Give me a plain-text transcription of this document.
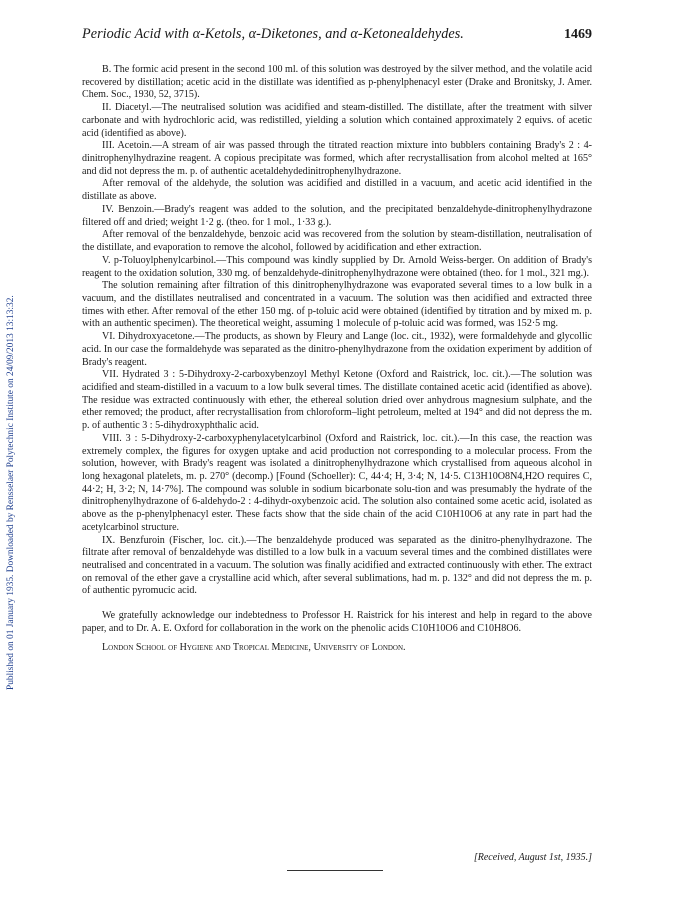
Published on 01 January 1935. Downloaded by Rensselaer Polytechnic Institute on 24/09/2013 13:13:32.
Periodic Acid with α-Ketols, α-Diketones, and α-Ketonealdehydes.	1469

B. The formic acid present in the second 100 ml. of this solution was destroyed by the silver method, and the volatile acid recovered by distillation; acetic acid in the distillate was identified as p-phenylphenacyl ester (Drake and Bronitsky, J. Amer. Chem. Soc., 1930, 52, 3715).

II. Diacetyl.—The neutralised solution was acidified and steam-distilled. The distillate, after the treatment with silver carbonate and with hydrochloric acid, was redistilled, yielding a solution which contained approximately 2 equivs. of acetic acid (identified as above).

III. Acetoin.—A stream of air was passed through the titrated reaction mixture into bubblers containing Brady's 2 : 4-dinitrophenylhydrazine reagent. A copious precipitate was formed, which after recrystallisation from alcohol melted at 165° and did not depress the m. p. of authentic acetaldehydedinitrophenylhydrazone.

After removal of the aldehyde, the solution was acidified and distilled in a vacuum, and acetic acid identified in the distillate as above.

IV. Benzoin.—Brady's reagent was added to the solution, and the precipitated benzaldehyde-dinitrophenylhydrazone filtered off and dried; weight 1·2 g. (theo. for 1 mol., 1·33 g.).

After removal of the benzaldehyde, benzoic acid was recovered from the solution by steam-distillation, neutralisation of the distillate, and evaporation to remove the alcohol, followed by acidification and ether extraction.

V. p-Toluoylphenylcarbinol.—This compound was kindly supplied by Dr. Arnold Weiss-berger. On addition of Brady's reagent to the oxidation solution, 330 mg. of benzaldehyde-dinitrophenylhydrazone were obtained (theo. for 1 mol., 321 mg.).

The solution remaining after filtration of this dinitrophenylhydrazone was evaporated several times to a low bulk in a vacuum, and the distillates neutralised and concentrated in a vacuum. The solution was then acidified and extracted three times with ether. After removal of the ether 150 mg. of p-toluic acid were obtained (identified by titration and by mixed m. p. with an authentic specimen). The theoretical weight, assuming 1 molecule of p-toluic acid was formed, was 152·5 mg.

VI. Dihydroxyacetone.—The products, as shown by Fleury and Lange (loc. cit., 1932), were formaldehyde and glycollic acid. In our case the formaldehyde was separated as the dinitro-phenylhydrazone from the oxidation experiment by addition of Brady's reagent.

VII. Hydrated 3 : 5-Dihydroxy-2-carboxybenzoyl Methyl Ketone (Oxford and Raistrick, loc. cit.).—The solution was acidified and steam-distilled in a vacuum to a low bulk several times. The distillate contained acetic acid (identified as above). The residue was extracted continuously with ether, the ethereal solution dried over anhydrous magnesium sulphate, and the ether removed; the product, after recrystallisation from chloroform–light petroleum, melted at 194° and did not depress the m. p. of authentic 3 : 5-dihydroxyphthalic acid.

VIII. 3 : 5-Dihydroxy-2-carboxyphenylacetylcarbinol (Oxford and Raistrick, loc. cit.).—In this case, the reaction was extremely complex, the figures for oxygen uptake and acid production not corresponding to a molecular process. From the solution, however, with Brady's reagent was isolated a dinitrophenylhydrazone which crystallised from aqueous alcohol in long hexagonal platelets, m. p. 270° (decomp.) [Found (Schoeller): C, 44·4; H, 3·4; N, 14·5. C13H10O8N4,H2O requires C, 44·2; H, 3·2; N, 14·7%]. The compound was soluble in sodium bicarbonate solu-tion and was presumably the hydrate of the dinitrophenylhydrazone of 6-aldehydo-2 : 4-dihydr-oxybenzoic acid. The solution also contained some acetic acid, isolated as above as the p-phenylphenacyl ester. These facts show that the side chain of the acid C10H10O6 at any rate in part had the acetylcarbinol structure.

IX. Benzfuroin (Fischer, loc. cit.).—The benzaldehyde produced was separated as the dinitro-phenylhydrazone. The filtrate after removal of benzaldehyde was distilled to a low bulk in a vacuum several times and the combined distillates were neutralised and concentrated in a vacuum. The solution was finally acidified and extracted continuously with ether. The extract on removal of the ether gave a crystalline acid which, after several sublimations, had m. p. 132° and did not depress the m. p. of authentic pyromucic acid.

We gratefully acknowledge our indebtedness to Professor H. Raistrick for his interest and help in regard to the above paper, and to Dr. A. E. Oxford for collaboration in the work on the phenolic acids C10H10O6 and C10H8O6.

London School of Hygiene and Tropical Medicine, University of London.

[Received, August 1st, 1935.]
